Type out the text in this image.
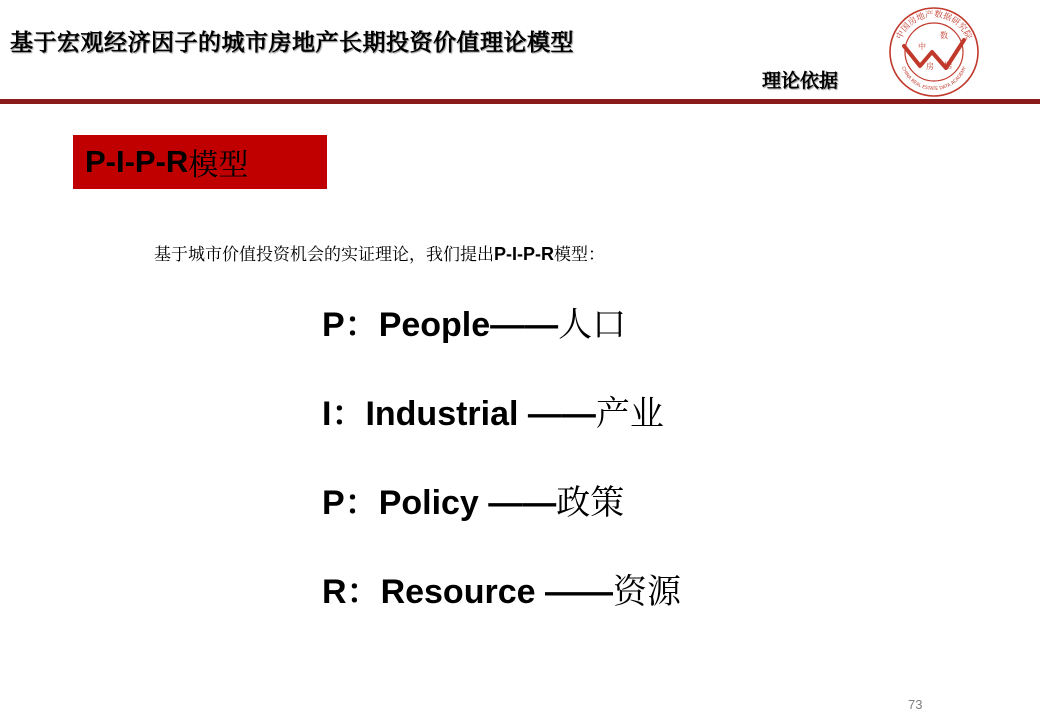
基于宏观经济因子的城市房地产长期投资价值理论模型
理论依据
中国房地产数据研究院
CHINA REAL ESTATE DATA ACADEMY
中
数
房 据
P-I-P-R 模型
基于城市价值投资机会的实证理论，我们提出P-I-P-R模型：
P：People——人口
I：Industrial ——产业
P：Policy ——政策
R：Resource ——资源
73
